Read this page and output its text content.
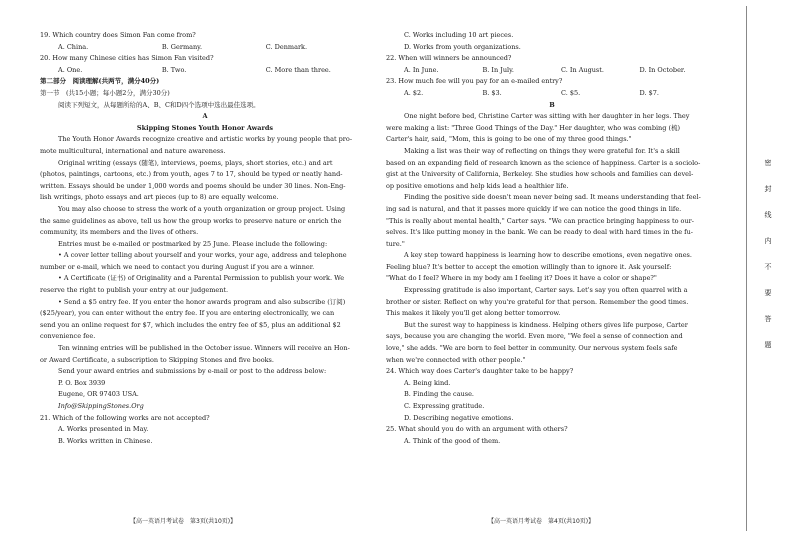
19. Which country does Simon Fan come from?
A. China.	B. Germany.	C. Denmark.
20. How many Chinese cities has Simon Fan visited?
A. One.	B. Two.	C. More than three.
第二部分　阅读理解(共两节，满分40分)
第一节　(共15小题；每小题2分，满分30分)
阅读下列短文，从每题所给的A、B、C和D四个选项中选出最佳选项。
A
Skipping Stones Youth Honor Awards
The Youth Honor Awards recognize creative and artistic works by young people that pro-
mote multicultural, international and nature awareness.
Original writing (essays (随笔), interviews, poems, plays, short stories, etc.) and art
(photos, paintings, cartoons, etc.) from youth, ages 7 to 17, should be typed or neatly hand-
written. Essays should be under 1,000 words and poems should be under 30 lines. Non-Eng-
lish writings, photo essays and art pieces (up to 8) are equally welcome.
You may also choose to stress the work of a youth organization or group project. Using
the same guidelines as above, tell us how the group works to preserve nature or enrich the
community, its members and the lives of others.
Entries must be e-mailed or postmarked by 25 June. Please include the following:
• A cover letter telling about yourself and your works, your age, address and telephone
number or e-mail, which we need to contact you during August if you are a winner.
• A Certificate (证书) of Originality and a Parental Permission to publish your work. We
reserve the right to publish your entry at our judgement.
• Send a $5 entry fee. If you enter the honor awards program and also subscribe (订阅)
($25/year), you can enter without the entry fee. If you are entering electronically, we can
send you an online request for $7, which includes the entry fee of $5, plus an additional $2
convenience fee.
Ten winning entries will be published in the October issue. Winners will receive an Hon-
or Award Certificate, a subscription to Skipping Stones and five books.
Send your award entries and submissions by e-mail or post to the address below:
P. O. Box 3939
Eugene, OR 97403 USA.
Info@SkippingStones.Org
21. Which of the following works are not accepted?
A. Works presented in May.
B. Works written in Chinese.
C. Works including 10 art pieces.
D. Works from youth organizations.
22. When will winners be announced?
A. In June.	B. In July.	C. In August.	D. In October.
23. How much fee will you pay for an e-mailed entry?
A. $2.	B. $3.	C. $5.	D. $7.
B
One night before bed, Christine Carter was sitting with her daughter in her legs. They
were making a list: "Three Good Things of the Day." Her daughter, who was combing (梳)
Carter's hair, said, "Mom, this is going to be one of my three good things."
Making a list was their way of reflecting on things they were grateful for. It's a skill
based on an expanding field of research known as the science of happiness. Carter is a sociolo-
gist at the University of California, Berkeley. She studies how schools and families can devel-
op positive emotions and help kids lead a healthier life.
Finding the positive side doesn't mean never being sad. It means understanding that feel-
ing sad is natural, and that it passes more quickly if we can notice the good things in life.
"This is really about mental health," Carter says. "We can practice bringing happiness to our-
selves. It's like putting money in the bank. We can be ready to deal with hard times in the fu-
ture."
A key step toward happiness is learning how to describe emotions, even negative ones.
Feeling blue? It's better to accept the emotion willingly than to ignore it. Ask yourself:
"What do I feel? Where in my body am I feeling it? Does it have a color or shape?"
Expressing gratitude is also important, Carter says. Let's say you often quarrel with a
brother or sister. Reflect on why you're grateful for that person. Remember the good times.
This makes it likely you'll get along better tomorrow.
But the surest way to happiness is kindness. Helping others gives life purpose, Carter
says, because you are changing the world. Even more, "We feel a sense of connection and
love," she adds. "We are born to feel better in community. Our nervous system feels safe
when we're connected with other people."
24. Which way does Carter's daughter take to be happy?
A. Being kind.
B. Finding the cause.
C. Expressing gratitude.
D. Describing negative emotions.
25. What should you do with an argument with others?
A. Think of the good of them.
【高一英语月考试卷　第3页(共10页)】	【高一英语月考试卷　第4页(共10页)】
密
封
线
内
不
要
答
题
